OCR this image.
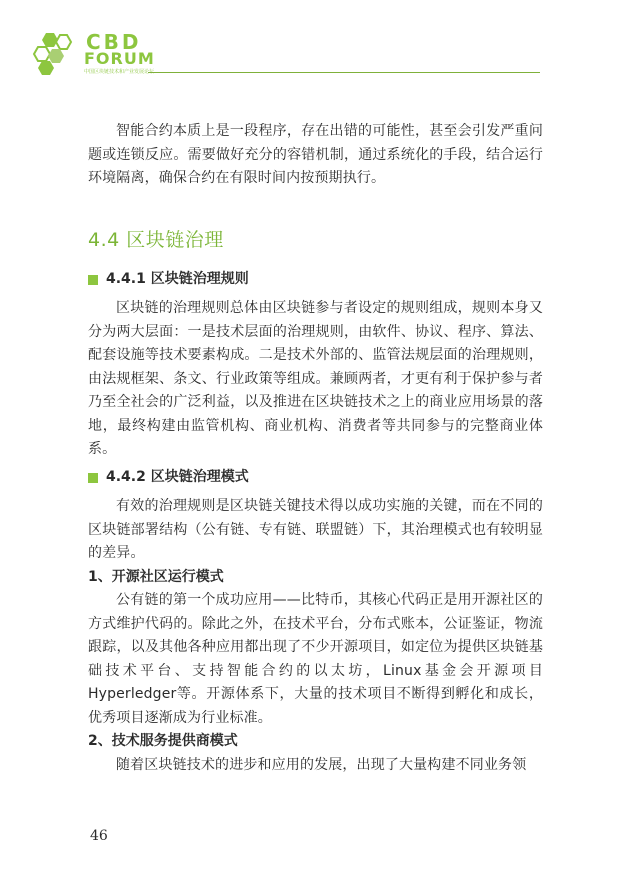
CBD
FORUM
中国区块链技术和产业发展论坛

智能合约本质上是一段程序，存在出错的可能性，甚至会引发严重问题或连锁反应。需要做好充分的容错机制，通过系统化的手段，结合运行环境隔离，确保合约在有限时间内按预期执行。

4.4 区块链治理
4.4.1 区块链治理规则

区块链的治理规则总体由区块链参与者设定的规则组成，规则本身又分为两大层面：一是技术层面的治理规则，由软件、协议、程序、算法、配套设施等技术要素构成。二是技术外部的、监管法规层面的治理规则，由法规框架、条文、行业政策等组成。兼顾两者，才更有利于保护参与者乃至全社会的广泛利益，以及推进在区块链技术之上的商业应用场景的落地，最终构建由监管机构、商业机构、消费者等共同参与的完整商业体系。

4.4.2 区块链治理模式

有效的治理规则是区块链关键技术得以成功实施的关键，而在不同的区块链部署结构（公有链、专有链、联盟链）下，其治理模式也有较明显的差异。

1、开源社区运行模式

公有链的第一个成功应用——比特币，其核心代码正是用开源社区的方式维护代码的。除此之外，在技术平台，分布式账本，公证鉴证，物流跟踪，以及其他各种应用都出现了不少开源项目，如定位为提供区块链基础技术平台、支持智能合约的以太坊，Linux基金会开源项目Hyperledger等。开源体系下，大量的技术项目不断得到孵化和成长，优秀项目逐渐成为行业标准。

2、技术服务提供商模式

随着区块链技术的进步和应用的发展，出现了大量构建不同业务领

46
